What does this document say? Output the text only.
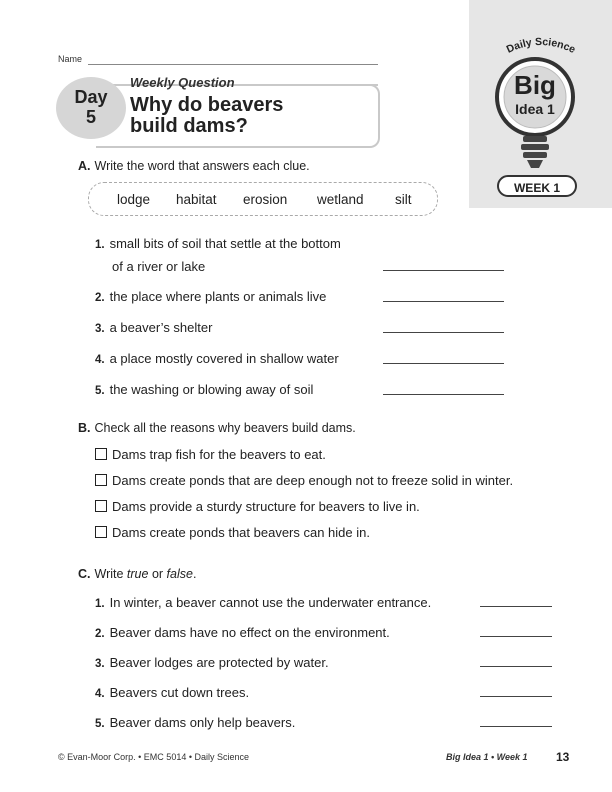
Daily Science
Big
Idea 1
WEEK 1
Name
Day
5
Weekly Question
Why do beavers
build dams?
A. Write the word that answers each clue.
lodge habitat erosion wetland silt
1. small bits of soil that settle at the bottom
of a river or lake
2. the place where plants or animals live
3. a beaver’s shelter
4. a place mostly covered in shallow water
5. the washing or blowing away of soil
B. Check all the reasons why beavers build dams.
Dams trap fish for the beavers to eat.
Dams create ponds that are deep enough not to freeze solid in winter.
Dams provide a sturdy structure for beavers to live in.
Dams create ponds that beavers can hide in.
C. Write true or false.
1. In winter, a beaver cannot use the underwater entrance.
2. Beaver dams have no effect on the environment.
3. Beaver lodges are protected by water.
4. Beavers cut down trees.
5. Beaver dams only help beavers.
© Evan-Moor Corp. • EMC 5014 • Daily Science	Big Idea 1 • Week 1 13
